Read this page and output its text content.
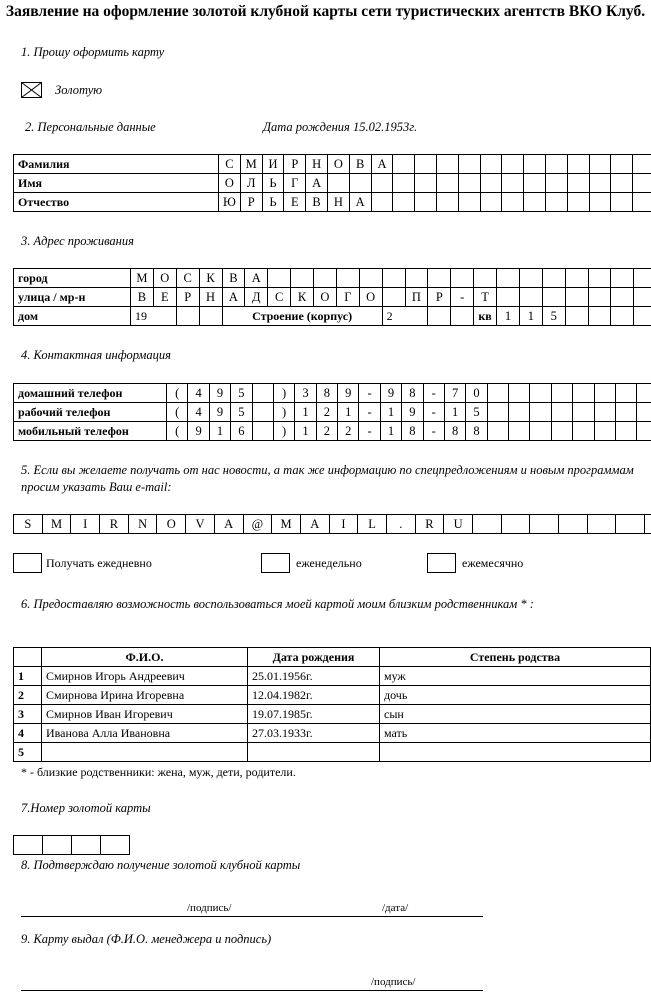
Заявление на оформление золотой клубной карты сети туристических агентств ВКО Клуб.
1. Прошу оформить карту
Золотую
2. Персональные данные	Дата рождения 15.02.1953г.
Фамилия	С	М	И	Р	Н	О	В	А													
Имя	О	Л	Ь	Г	А																
Отчество	Ю	Р	Ь	Е	В	Н	А														
3. Адрес проживания
город	М	О	С	К	В	А																			
улица / мр-н	В	Е	Р	Н	А	Д	С	К	О	Г	О		П	Р	-	Т									
дом	19				Строение (корпус)							2				кв	1	1	5						
4. Контактная информация
домашний телефон	(	4	9	5		)	3	8	9	-	9	8	-	7	0									
рабочий телефон	(	4	9	5		)	1	2	1	-	1	9	-	1	5									
мобильный телефон	(	9	1	6		)	1	2	2	-	1	8	-	8	8									
5. Если вы желаете получать от нас новости, а так же информацию по спецпредложениям и новым программам просим указать Ваш e-mail:
S	M	I	R	N	O	V	A	@	M	A	I	L	.	R	U							
Получать ежедневно	еженедельно	ежемесячно
6. Предоставляю возможность воспользоваться моей картой моим близким родственникам * :
	Ф.И.О.	Дата рождения	Степень родства
1	Смирнов Игорь Андреевич	25.01.1956г.	муж
2	Смирнова Ирина Игоревна	12.04.1982г.	дочь
3	Смирнов Иван Игоревич	19.07.1985г.	сын
4	Иванова Алла Ивановна	27.03.1933г.	мать
5			
* - близкие родственники: жена, муж, дети, родители.
7.Номер золотой карты

8. Подтверждаю получение золотой клубной карты
/подпись/	/дата/
9. Карту выдал (Ф.И.О. менеджера и подпись)
/подпись/
